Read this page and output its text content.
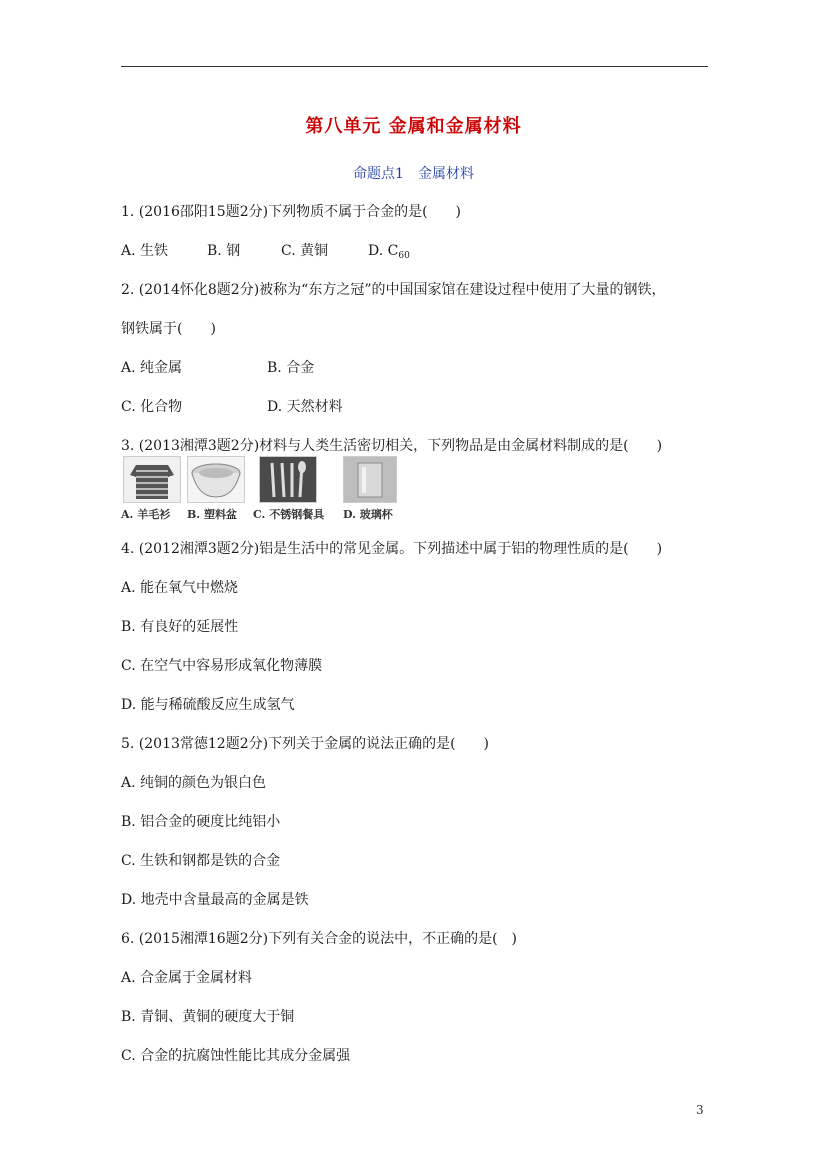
第八单元 金属和金属材料
命题点1　金属材料
1. (2016邵阳15题2分)下列物质不属于合金的是(　　)
A. 生铁	B. 钢	C. 黄铜	D. $C_{60}$
2. (2014怀化8题2分)被称为“东方之冠”的中国国家馆在建设过程中使用了大量的钢铁，
钢铁属于(　　)
A. 纯金属	B. 合金
C. 化合物	D. 天然材料
3. (2013湘潭3题2分)材料与人类生活密切相关，下列物品是由金属材料制成的是(　　)
A. 羊毛衫 B. 塑料盆 C. 不锈钢餐具 D. 玻璃杯
4. (2012湘潭3题2分)铝是生活中的常见金属。下列描述中属于铝的物理性质的是(　　)
A. 能在氧气中燃烧
B. 有良好的延展性
C. 在空气中容易形成氧化物薄膜
D. 能与稀硫酸反应生成氢气
5. (2013常德12题2分)下列关于金属的说法正确的是(　　)
A. 纯铜的颜色为银白色
B. 铝合金的硬度比纯铝小
C. 生铁和钢都是铁的合金
D. 地壳中含量最高的金属是铁
6. (2015湘潭16题2分)下列有关合金的说法中，不正确的是(　)
A. 合金属于金属材料
B. 青铜、黄铜的硬度大于铜
C. 合金的抗腐蚀性能比其成分金属强
3
